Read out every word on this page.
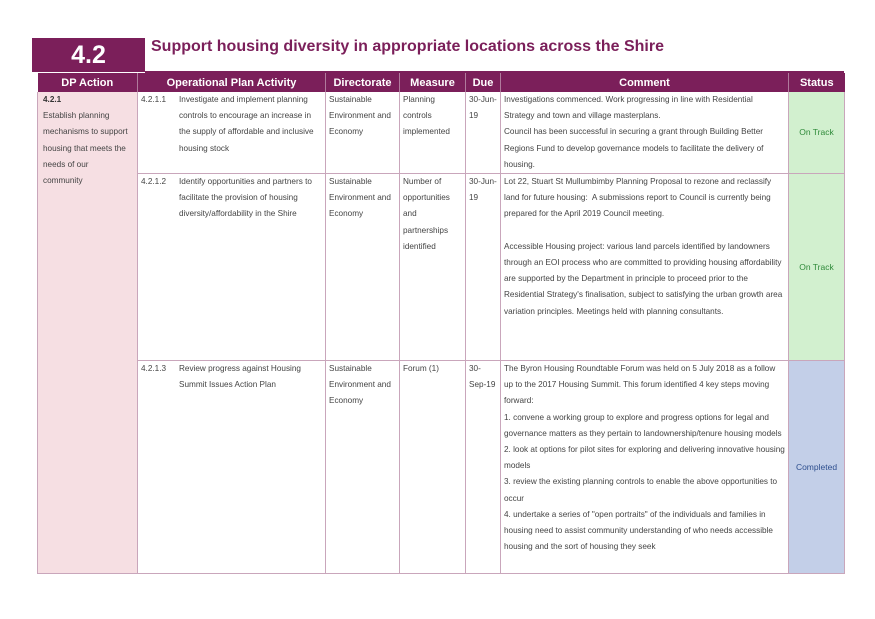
4.2	Support housing diversity in appropriate locations across the Shire
DP Action	Operational Plan Activity	Directorate	Measure	Due	Comment	Status

4.2.1
Establish planning mechanisms to support housing that meets the needs of our community	4.2.1.1 Investigate and implement planning controls to encourage an increase in the supply of affordable and inclusive housing stock	Sustainable Environment and Economy	Planning controls implemented	30-Jun-19	Investigations commenced. Work progressing in line with Residential Strategy and town and village masterplans.
Council has been successful in securing a grant through Building Better Regions Fund to develop governance models to facilitate the delivery of housing.	On Track
	4.2.1.2 Identify opportunities and partners to facilitate the provision of housing diversity/affordability in the Shire	Sustainable Environment and Economy	Number of opportunities and partnerships identified	30-Jun-19	Lot 22, Stuart St Mullumbimby Planning Proposal to rezone and reclassify land for future housing:  A submissions report to Council is currently being prepared for the April 2019 Council meeting.

Accessible Housing project: various land parcels identified by landowners through an EOI process who are committed to providing housing affordability are supported by the Department in principle to proceed prior to the Residential Strategy's finalisation, subject to satisfying the urban growth area variation principles. Meetings held with planning consultants.	On Track
	4.2.1.3 Review progress against Housing Summit Issues Action Plan	Sustainable Environment and Economy	Forum (1)	30-Sep-19	The Byron Housing Roundtable Forum was held on 5 July 2018 as a follow up to the 2017 Housing Summit. This forum identified 4 key steps moving forward:
1. convene a working group to explore and progress options for legal and governance matters as they pertain to landownership/tenure housing models
2. look at options for pilot sites for exploring and delivering innovative housing models
3. review the existing planning controls to enable the above opportunities to occur
4. undertake a series of "open portraits" of the individuals and families in housing need to assist community understanding of who needs accessible housing and the sort of housing they seek	Completed
